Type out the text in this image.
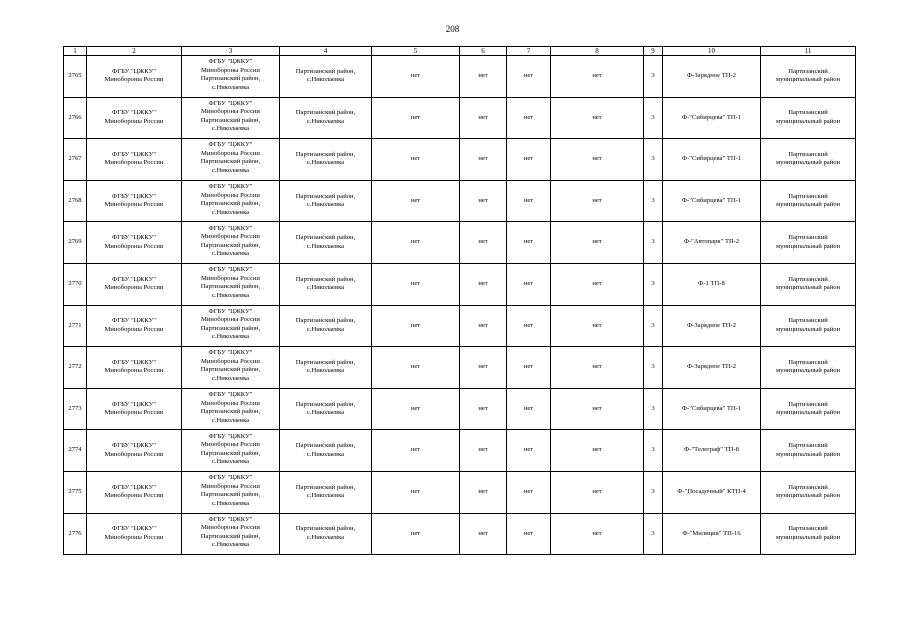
208
1	2	3	4	5	6	7	8	9	10	11

2765	ФГБУ "ЦЖКУ"
Минобороны России	ФГБУ "ЦЖКУ"
Минобороны России
Партизанский район,
с.Николаевка	Партизанский район,
с.Николаевка	нет	нет	нет	нет	3	Ф-Зарядное ТП-2	Партизанский
муниципальный район

2766	ФГБУ "ЦЖКУ"
Минобороны России	ФГБУ "ЦЖКУ"
Минобороны России
Партизанский район,
с.Николаевка	Партизанский район,
с.Николаевка	нет	нет	нет	нет	3	Ф-"Сибирцева" ТП-1	Партизанский
муниципальный район

2767	ФГБУ "ЦЖКУ"
Минобороны России	ФГБУ "ЦЖКУ"
Минобороны России
Партизанский район,
с.Николаевка	Партизанский район,
с.Николаевка	нет	нет	нет	нет	3	Ф-"Сибирцева" ТП-1	Партизанский
муниципальный район

2768	ФГБУ "ЦЖКУ"
Минобороны России	ФГБУ "ЦЖКУ"
Минобороны России
Партизанский район,
с.Николаевка	Партизанский район,
с.Николаевка	нет	нет	нет	нет	3	Ф-"Сибирцева" ТП-1	Партизанский
муниципальный район

2769	ФГБУ "ЦЖКУ"
Минобороны России	ФГБУ "ЦЖКУ"
Минобороны России
Партизанский район,
с.Николаевка	Партизанский район,
с.Николаевка	нет	нет	нет	нет	3	Ф-"Автопарк" ТП-2	Партизанский
муниципальный район

2770	ФГБУ "ЦЖКУ"
Минобороны России	ФГБУ "ЦЖКУ"
Минобороны России
Партизанский район,
с.Николаевка	Партизанский район,
с.Николаевка	нет	нет	нет	нет	3	Ф-1 ТП-8	Партизанский
муниципальный район

2771	ФГБУ "ЦЖКУ"
Минобороны России	ФГБУ "ЦЖКУ"
Минобороны России
Партизанский район,
с.Николаевка	Партизанский район,
с.Николаевка	нет	нет	нет	нет	3	Ф-Зарядное ТП-2	Партизанский
муниципальный район

2772	ФГБУ "ЦЖКУ"
Минобороны России	ФГБУ "ЦЖКУ"
Минобороны России
Партизанский район,
с.Николаевка	Партизанский район,
с.Николаевка	нет	нет	нет	нет	3	Ф-Зарядное ТП-2	Партизанский
муниципальный район

2773	ФГБУ "ЦЖКУ"
Минобороны России	ФГБУ "ЦЖКУ"
Минобороны России
Партизанский район,
с.Николаевка	Партизанский район,
с.Николаевка	нет	нет	нет	нет	3	Ф-"Сибирцева" ТП-1	Партизанский
муниципальный район

2774	ФГБУ "ЦЖКУ"
Минобороны России	ФГБУ "ЦЖКУ"
Минобороны России
Партизанский район,
с.Николаевка	Партизанский район,
с.Николаевка	нет	нет	нет	нет	3	Ф-"Телеграф" ТП-8	Партизанский
муниципальный район

2775	ФГБУ "ЦЖКУ"
Минобороны России	ФГБУ "ЦЖКУ"
Минобороны России
Партизанский район,
с.Николаевка	Партизанский район,
с.Николаевка	нет	нет	нет	нет	3	Ф-"Посадочный" КТП-4	Партизанский
муниципальный район

2776	ФГБУ "ЦЖКУ"
Минобороны России	ФГБУ "ЦЖКУ"
Минобороны России
Партизанский район,
с.Николаевка	Партизанский район,
с.Николаевка	нет	нет	нет	нет	3	Ф-"Милиция" ТП-16	Партизанский
муниципальный район
